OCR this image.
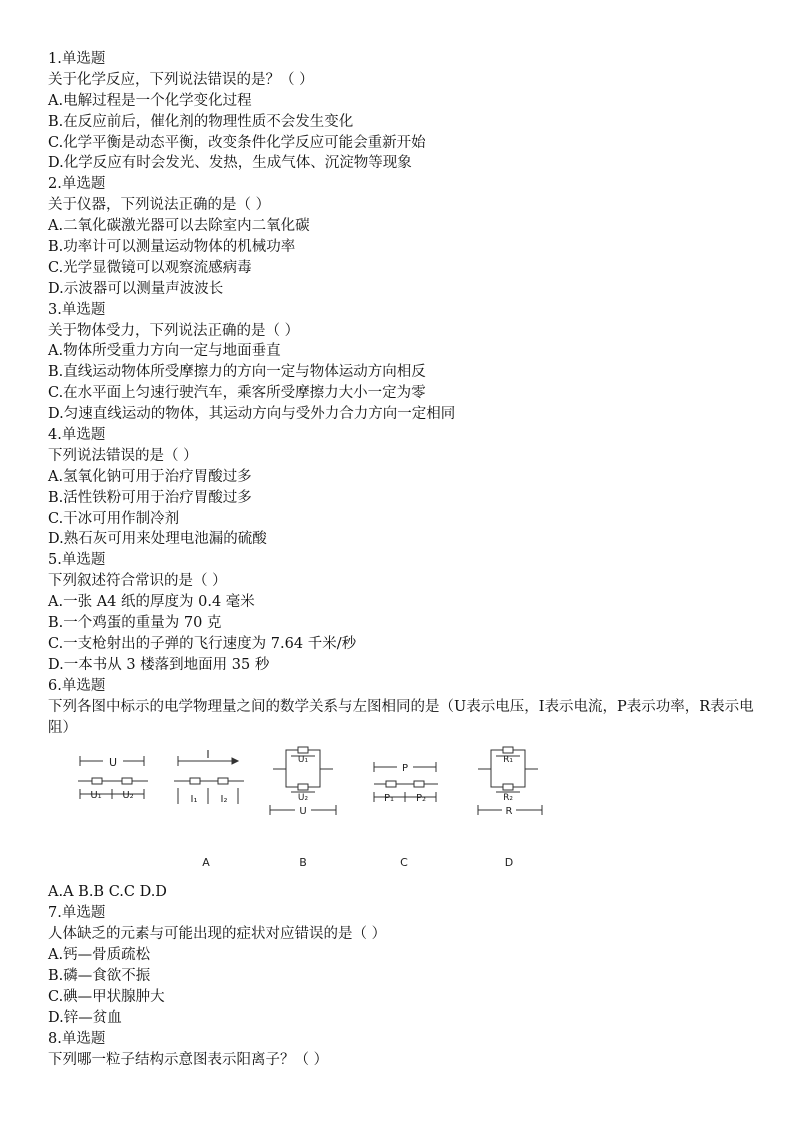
1.单选题
关于化学反应，下列说法错误的是？（ ）
A.电解过程是一个化学变化过程
B.在反应前后，催化剂的物理性质不会发生变化
C.化学平衡是动态平衡，改变条件化学反应可能会重新开始
D.化学反应有时会发光、发热，生成气体、沉淀物等现象
2.单选题
关于仪器，下列说法正确的是（ ）
A.二氧化碳激光器可以去除室内二氧化碳
B.功率计可以测量运动物体的机械功率
C.光学显微镜可以观察流感病毒
D.示波器可以测量声波波长
3.单选题
关于物体受力，下列说法正确的是（ ）
A.物体所受重力方向一定与地面垂直
B.直线运动物体所受摩擦力的方向一定与物体运动方向相反
C.在水平面上匀速行驶汽车，乘客所受摩擦力大小一定为零
D.匀速直线运动的物体，其运动方向与受外力合力方向一定相同
4.单选题
下列说法错误的是（ ）
A.氢氧化钠可用于治疗胃酸过多
B.活性铁粉可用于治疗胃酸过多
C.干冰可用作制冷剂
D.熟石灰可用来处理电池漏的硫酸
5.单选题
下列叙述符合常识的是（ ）
A.一张 A4 纸的厚度为 0.4 毫米
B.一个鸡蛋的重量为 70 克
C.一支枪射出的子弹的飞行速度为 7.64 千米/秒
D.一本书从 3 楼落到地面用 35 秒
6.单选题
下列各图中标示的电学物理量之间的数学关系与左图相同的是（U表示电压，I表示电流，P表示功率，R表示电阻）
U
U₁ U₂
I
I₁ I₂
A
U₁
U₂
U
B
P
P₁ P₂
C
R₁
R₂
R
D
A.A B.B C.C D.D
7.单选题
人体缺乏的元素与可能出现的症状对应错误的是（ ）
A.钙—骨质疏松
B.磷—食欲不振
C.碘—甲状腺肿大
D.锌—贫血
8.单选题
下列哪一粒子结构示意图表示阳离子？（ ）
